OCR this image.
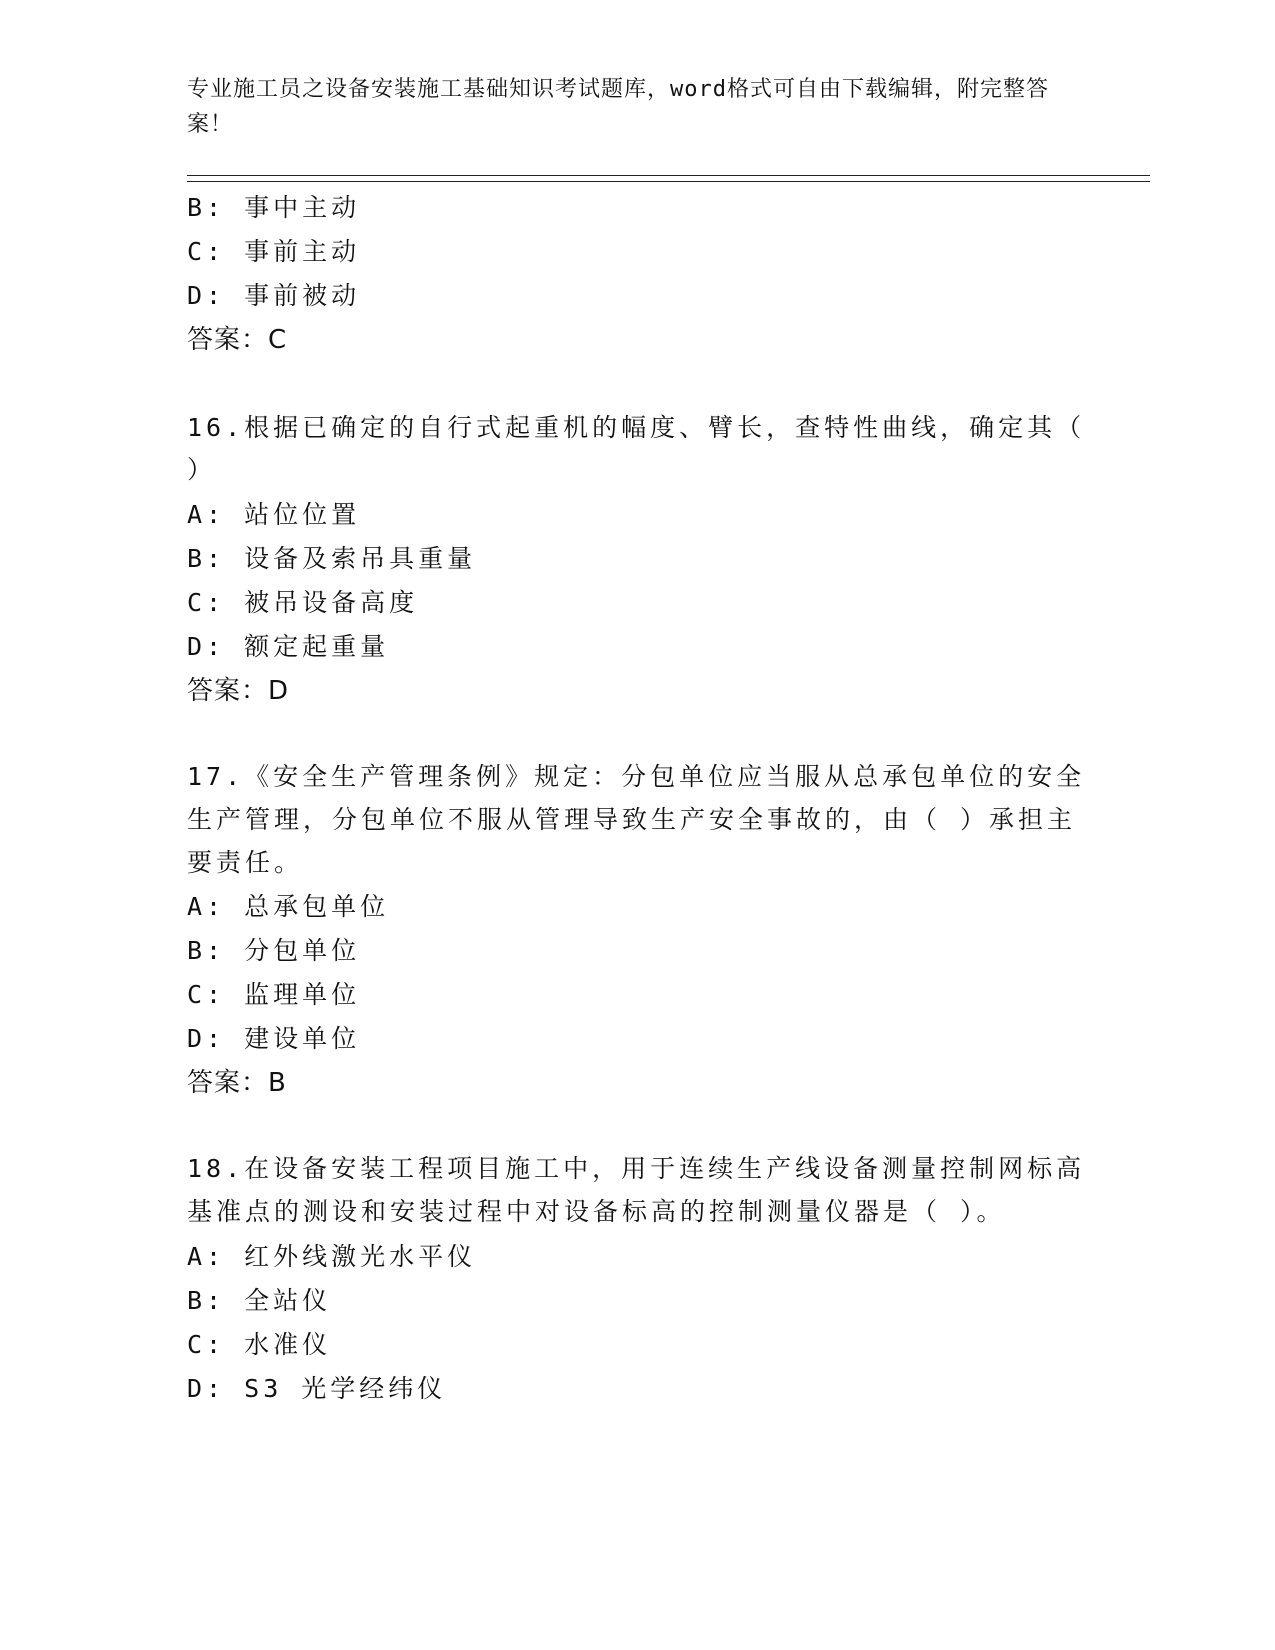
专业施工员之设备安装施工基础知识考试题库，word格式可自由下载编辑，附完整答案！
B: 事中主动
C: 事前主动
D: 事前被动
答案：C
16.根据已确定的自行式起重机的幅度、臂长，查特性曲线，确定其（
）
A: 站位位置
B: 设备及索吊具重量
C: 被吊设备高度
D: 额定起重量
答案：D
17.《安全生产管理条例》规定：分包单位应当服从总承包单位的安全
生产管理，分包单位不服从管理导致生产安全事故的，由（ ）承担主
要责任。
A: 总承包单位
B: 分包单位
C: 监理单位
D: 建设单位
答案：B
18.在设备安装工程项目施工中，用于连续生产线设备测量控制网标高
基准点的测设和安装过程中对设备标高的控制测量仪器是（ ）。
A: 红外线激光水平仪
B: 全站仪
C: 水准仪
D: S3 光学经纬仪
